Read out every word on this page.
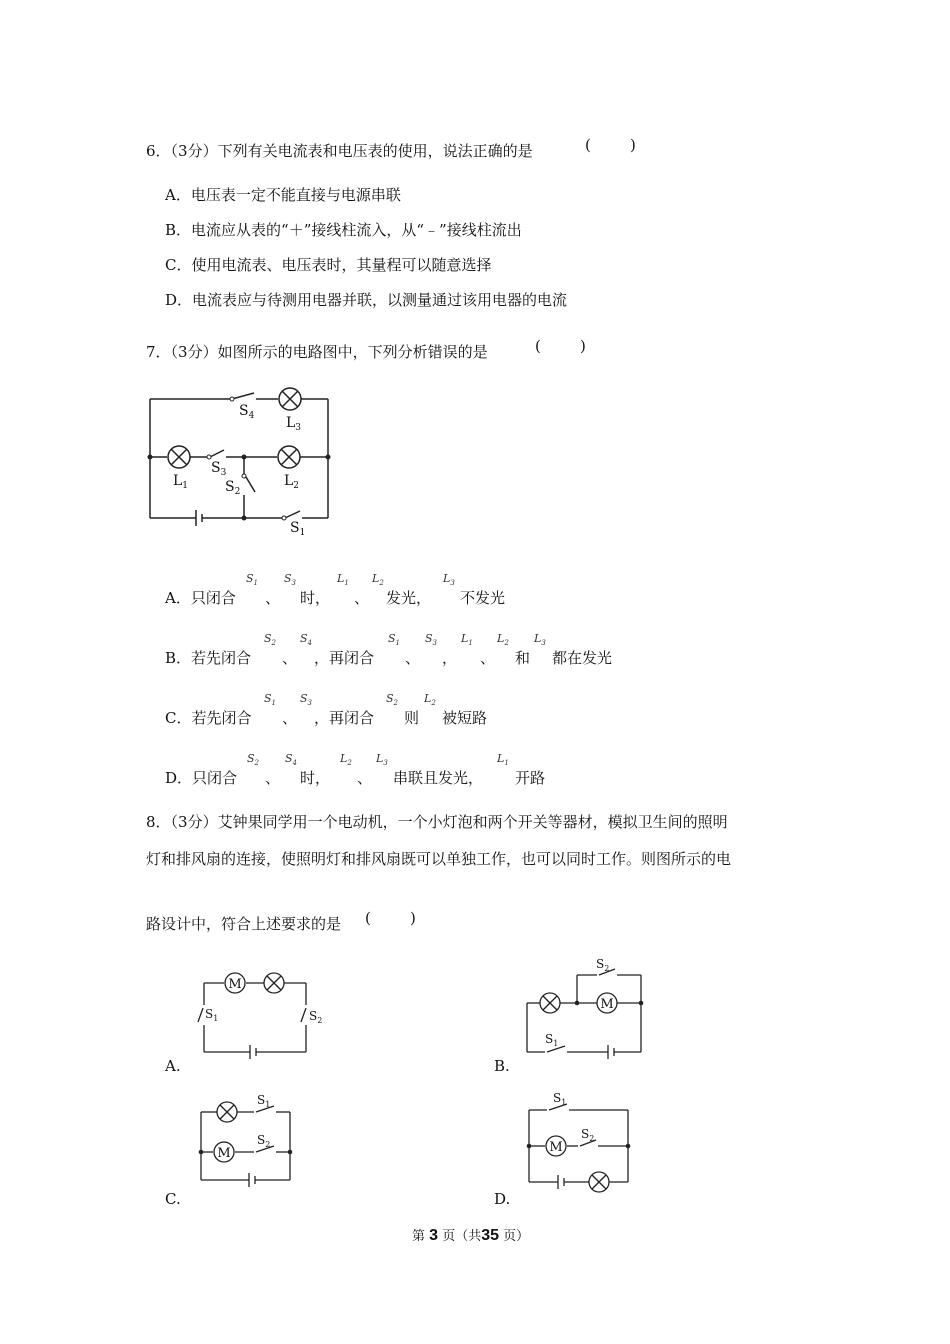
6．（3分）下列有关电流表和电压表的使用，说法正确的是	(	)
A．电压表一定不能直接与电源串联
B．电流应从表的“＋”接线柱流入，从“﹣”接线柱流出
C．使用电流表、电压表时，其量程可以随意选择
D．电流表应与待测用电器并联，以测量通过该用电器的电流
7．（3分）如图所示的电路图中，下列分析错误的是	(	)
$S_4$ $L_3$
$L_1$
$S_3$
$S_2$
$L_2$
$S_1$
A．只闭合 、 时， 、 发光， 不发光
$S_1$ $S_3$	$L_1$ $L_2$	$L_3$
B．若先闭合 、 ，再闭合 、 ， 、 和 都在发光
$S_2$ $S_4$	$S_1$ $S_3$ $L_1$ $L_2$ $L_3$
C．若先闭合 、 ，再闭合 则 被短路
$S_1$ $S_3$	$S_2$ $L_2$
D．只闭合 、 时， 、 串联且发光， 开路
$S_2$ $S_4$	$L_2$ $L_3$	$L_1$
8．（3分）艾钟果同学用一个电动机，一个小灯泡和两个开关等器材，模拟卫生间的照明
灯和排风扇的连接，使照明灯和排风扇既可以单独工作，也可以同时工作。则图所示的电
路设计中，符合上述要求的是 (	)
M
M
M	M
$S_1$	$S_2$
$S_2$
$S_1$
$S_1$
$S_2$
$S_1$
$S_2$
A.	B.
C.	D.
第 3 页（共35 页）
